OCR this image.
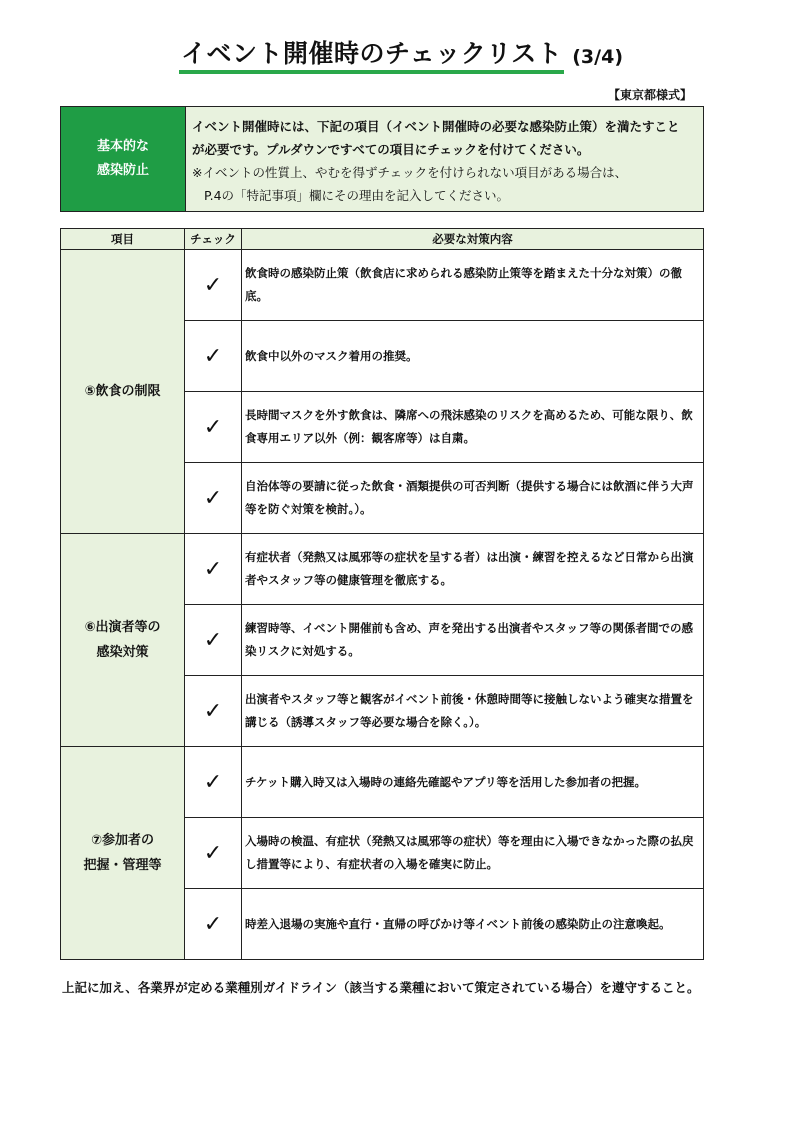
イベント開催時のチェックリスト (3/4)
【東京都様式】
基本的な
感染防止
イベント開催時には、下記の項目（イベント開催時の必要な感染防止策）を満たすこと
が必要です。プルダウンですべての項目にチェックを付けてください。
※イベントの性質上、やむを得ずチェックを付けられない項目がある場合は、
P.4の「特記事項」欄にその理由を記入してください。
項目	チェック	必要な対策内容
⑤飲食の制限	✓	飲食時の感染防止策（飲食店に求められる感染防止策等を踏まえた十分な対策）の徹底。
	✓	飲食中以外のマスク着用の推奨。
	✓	長時間マスクを外す飲食は、隣席への飛沫感染のリスクを高めるため、可能な限り、飲食専用エリア以外（例：観客席等）は自粛。
	✓	自治体等の要請に従った飲食・酒類提供の可否判断（提供する場合には飲酒に伴う大声等を防ぐ対策を検討。）。
⑥出演者等の
感染対策	✓	有症状者（発熱又は風邪等の症状を呈する者）は出演・練習を控えるなど日常から出演者やスタッフ等の健康管理を徹底する。
	✓	練習時等、イベント開催前も含め、声を発出する出演者やスタッフ等の関係者間での感染リスクに対処する。
	✓	出演者やスタッフ等と観客がイベント前後・休憩時間等に接触しないよう確実な措置を講じる（誘導スタッフ等必要な場合を除く。）。
⑦参加者の
把握・管理等	✓	チケット購入時又は入場時の連絡先確認やアプリ等を活用した参加者の把握。
	✓	入場時の検温、有症状（発熱又は風邪等の症状）等を理由に入場できなかった際の払戻し措置等により、有症状者の入場を確実に防止。
	✓	時差入退場の実施や直行・直帰の呼びかけ等イベント前後の感染防止の注意喚起。
上記に加え、各業界が定める業種別ガイドライン（該当する業種において策定されている場合）を遵守すること。
